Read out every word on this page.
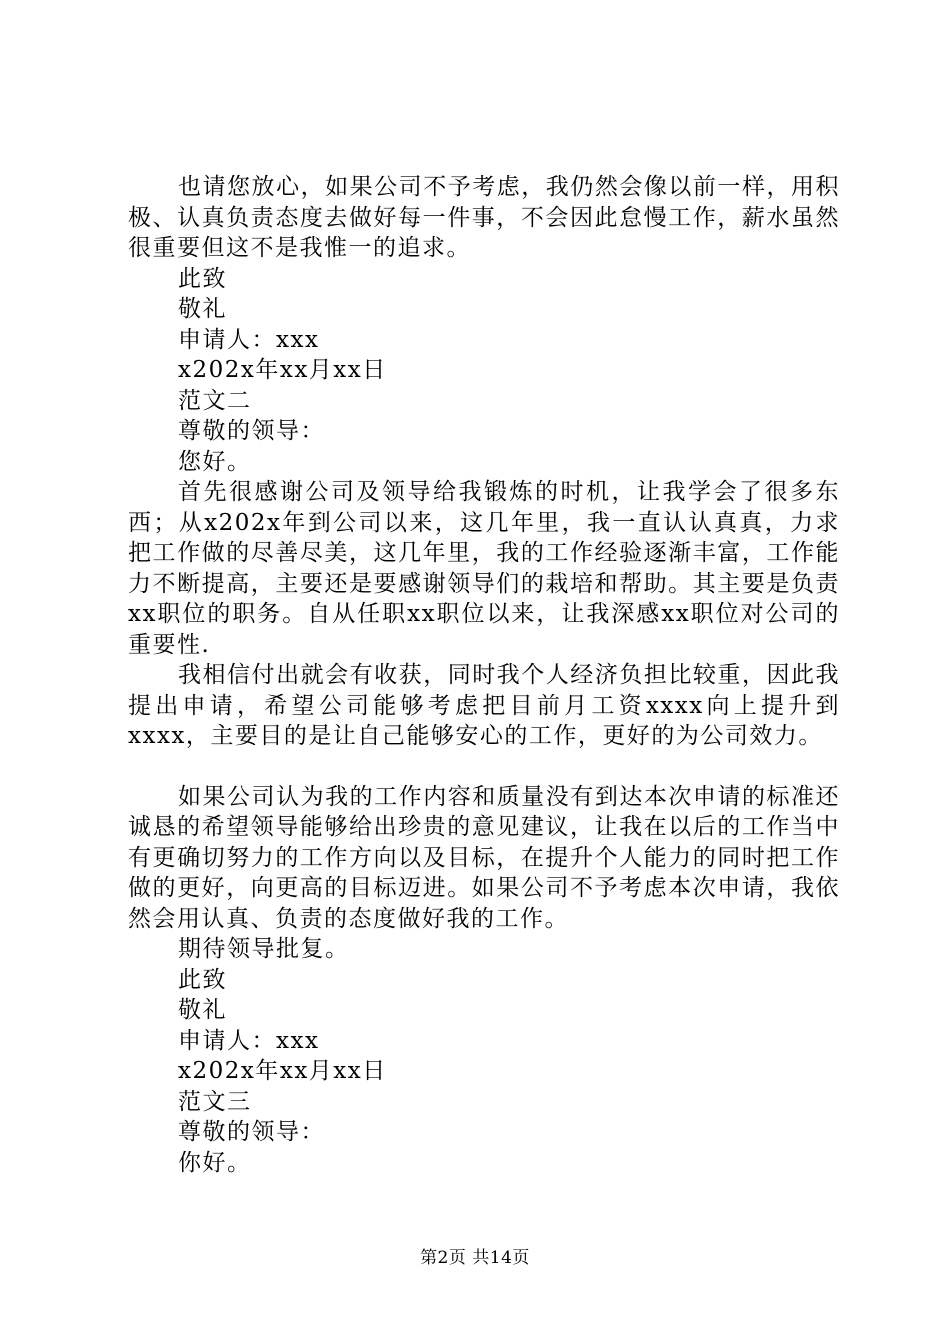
也请您放心，如果公司不予考虑，我仍然会像以前一样，用积极、认真负责态度去做好每一件事，不会因此怠慢工作，薪水虽然很重要但这不是我惟一的追求。

此致

敬礼

申请人：xxx

x202x年xx月xx日

范文二

尊敬的领导：

您好。

首先很感谢公司及领导给我锻炼的时机，让我学会了很多东西；从x202x年到公司以来，这几年里，我一直认认真真，力求把工作做的尽善尽美，这几年里，我的工作经验逐渐丰富，工作能力不断提高，主要还是要感谢领导们的栽培和帮助。其主要是负责xx职位的职务。自从任职xx职位以来，让我深感xx职位对公司的重要性.

我相信付出就会有收获，同时我个人经济负担比较重，因此我提出申请，希望公司能够考虑把目前月工资xxxx向上提升到xxxx，主要目的是让自己能够安心的工作，更好的为公司效力。

如果公司认为我的工作内容和质量没有到达本次申请的标准还诚恳的希望领导能够给出珍贵的意见建议，让我在以后的工作当中有更确切努力的工作方向以及目标，在提升个人能力的同时把工作做的更好，向更高的目标迈进。如果公司不予考虑本次申请，我依然会用认真、负责的态度做好我的工作。

期待领导批复。

此致

敬礼

申请人：xxx

x202x年xx月xx日

范文三

尊敬的领导：

你好。

第2页 共14页
